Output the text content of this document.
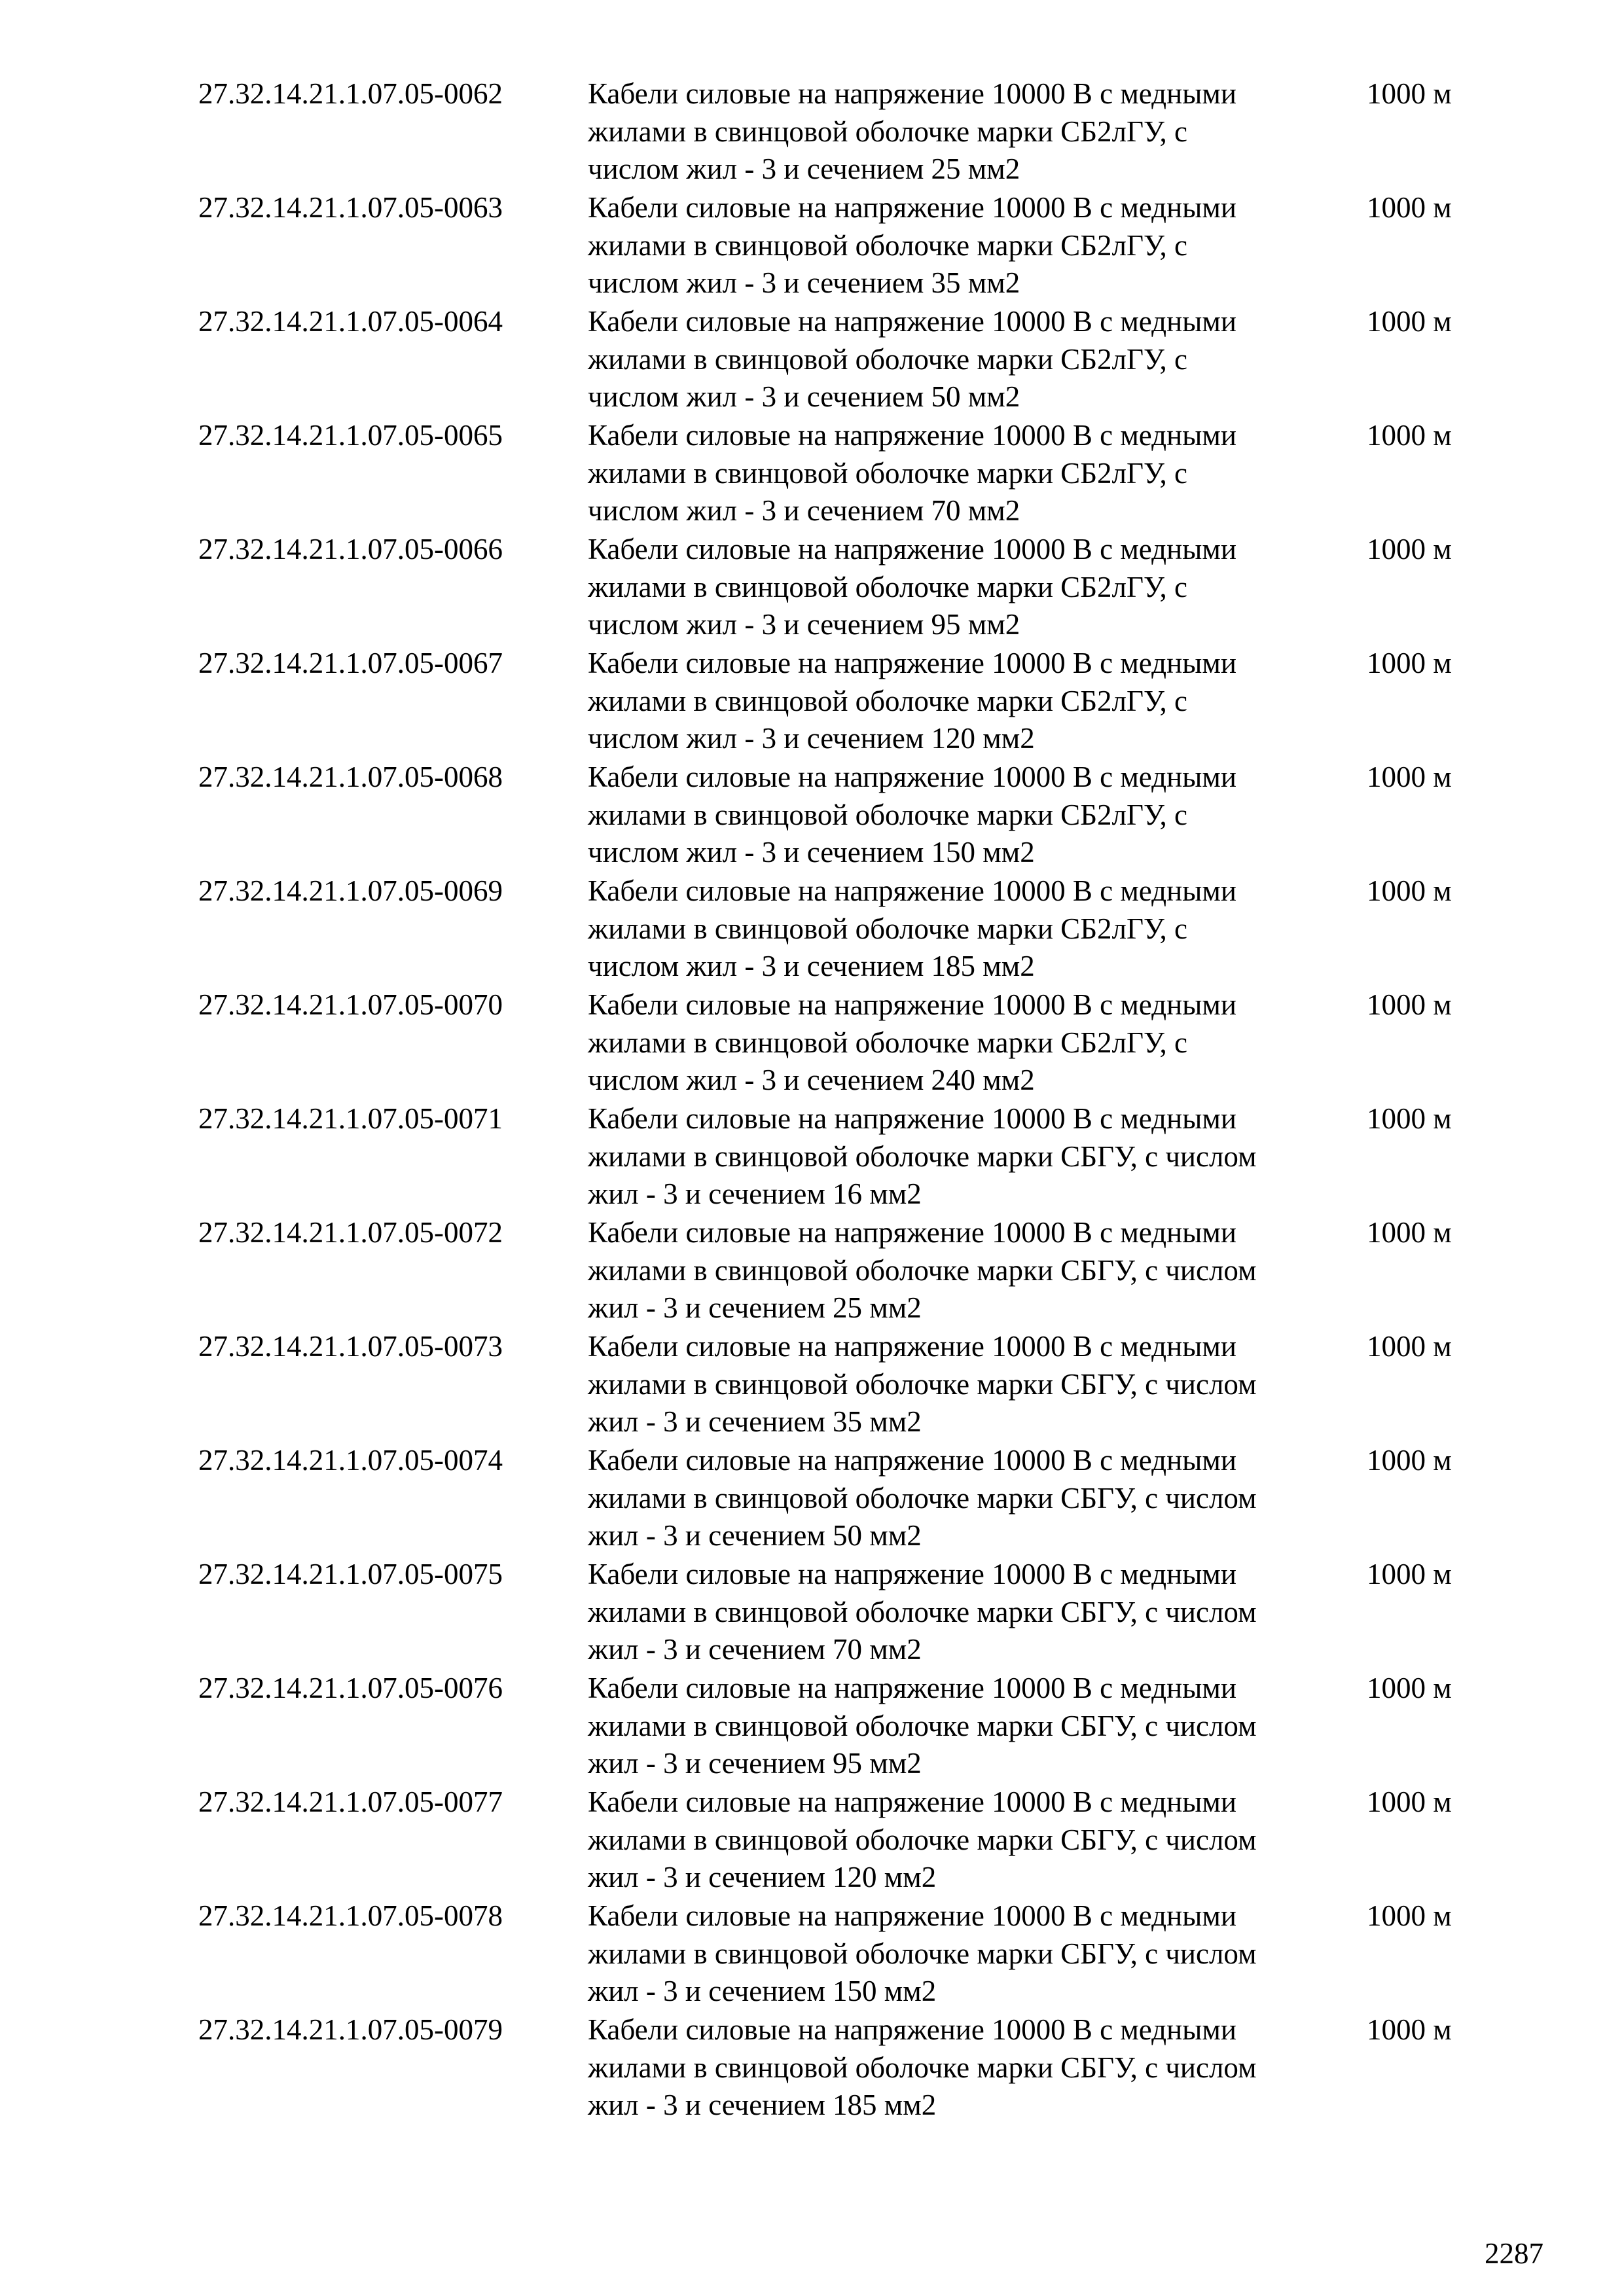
27.32.14.21.1.07.05-0062	Кабели силовые на напряжение 10000 В с медными
жилами в свинцовой оболочке марки СБ2лГУ, с
числом жил - 3 и сечением 25 мм2
1000 м
27.32.14.21.1.07.05-0063	Кабели силовые на напряжение 10000 В с медными
жилами в свинцовой оболочке марки СБ2лГУ, с
числом жил - 3 и сечением 35 мм2
1000 м
27.32.14.21.1.07.05-0064	Кабели силовые на напряжение 10000 В с медными
жилами в свинцовой оболочке марки СБ2лГУ, с
числом жил - 3 и сечением 50 мм2
1000 м
27.32.14.21.1.07.05-0065	Кабели силовые на напряжение 10000 В с медными
жилами в свинцовой оболочке марки СБ2лГУ, с
числом жил - 3 и сечением 70 мм2
1000 м
27.32.14.21.1.07.05-0066	Кабели силовые на напряжение 10000 В с медными
жилами в свинцовой оболочке марки СБ2лГУ, с
числом жил - 3 и сечением 95 мм2
1000 м
27.32.14.21.1.07.05-0067	Кабели силовые на напряжение 10000 В с медными
жилами в свинцовой оболочке марки СБ2лГУ, с
числом жил - 3 и сечением 120 мм2
1000 м
27.32.14.21.1.07.05-0068	Кабели силовые на напряжение 10000 В с медными
жилами в свинцовой оболочке марки СБ2лГУ, с
числом жил - 3 и сечением 150 мм2
1000 м
27.32.14.21.1.07.05-0069	Кабели силовые на напряжение 10000 В с медными
жилами в свинцовой оболочке марки СБ2лГУ, с
числом жил - 3 и сечением 185 мм2
1000 м
27.32.14.21.1.07.05-0070	Кабели силовые на напряжение 10000 В с медными
жилами в свинцовой оболочке марки СБ2лГУ, с
числом жил - 3 и сечением 240 мм2
1000 м
27.32.14.21.1.07.05-0071	Кабели силовые на напряжение 10000 В с медными
жилами в свинцовой оболочке марки СБГУ, с числом
жил - 3 и сечением 16 мм2
1000 м
27.32.14.21.1.07.05-0072	Кабели силовые на напряжение 10000 В с медными
жилами в свинцовой оболочке марки СБГУ, с числом
жил - 3 и сечением 25 мм2
1000 м
27.32.14.21.1.07.05-0073	Кабели силовые на напряжение 10000 В с медными
жилами в свинцовой оболочке марки СБГУ, с числом
жил - 3 и сечением 35 мм2
1000 м
27.32.14.21.1.07.05-0074	Кабели силовые на напряжение 10000 В с медными
жилами в свинцовой оболочке марки СБГУ, с числом
жил - 3 и сечением 50 мм2
1000 м
27.32.14.21.1.07.05-0075	Кабели силовые на напряжение 10000 В с медными
жилами в свинцовой оболочке марки СБГУ, с числом
жил - 3 и сечением 70 мм2
1000 м
27.32.14.21.1.07.05-0076	Кабели силовые на напряжение 10000 В с медными
жилами в свинцовой оболочке марки СБГУ, с числом
жил - 3 и сечением 95 мм2
1000 м
27.32.14.21.1.07.05-0077	Кабели силовые на напряжение 10000 В с медными
жилами в свинцовой оболочке марки СБГУ, с числом
жил - 3 и сечением 120 мм2
1000 м
27.32.14.21.1.07.05-0078	Кабели силовые на напряжение 10000 В с медными
жилами в свинцовой оболочке марки СБГУ, с числом
жил - 3 и сечением 150 мм2
1000 м
27.32.14.21.1.07.05-0079	Кабели силовые на напряжение 10000 В с медными
жилами в свинцовой оболочке марки СБГУ, с числом
жил - 3 и сечением 185 мм2
1000 м
2287
